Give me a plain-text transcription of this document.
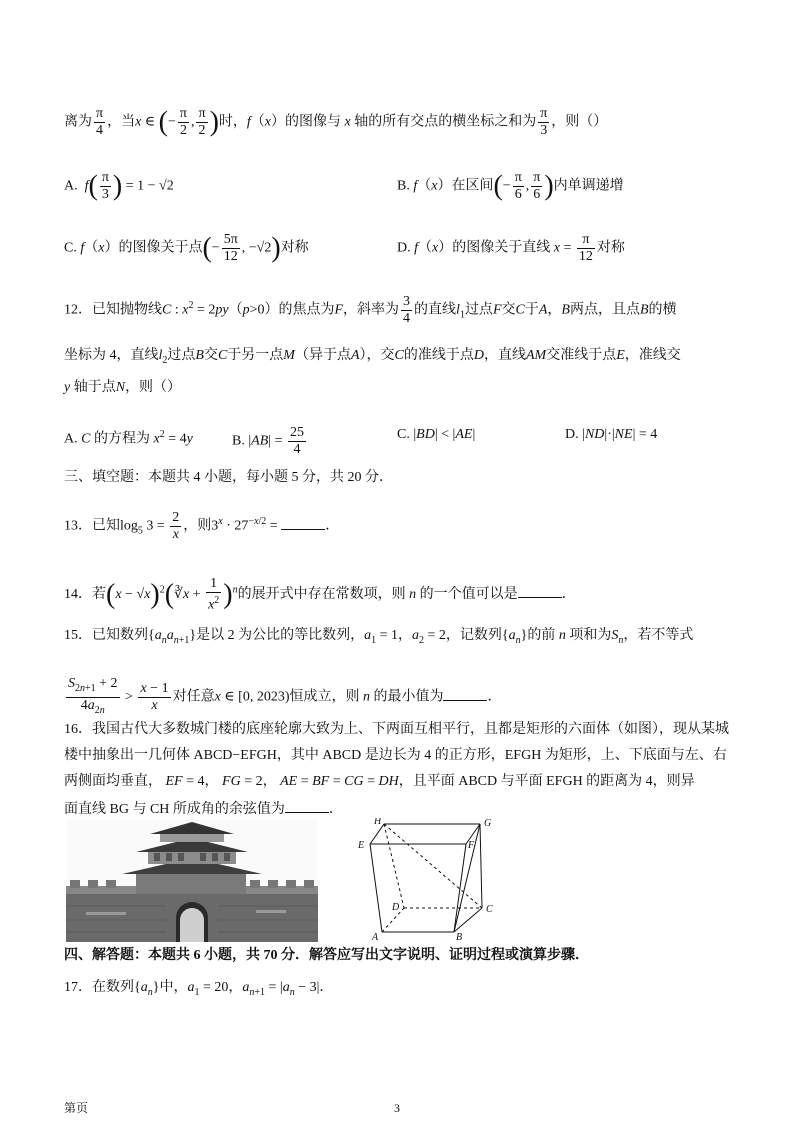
离为 $\frac{\pi}{4}$ ，当x ∈ (− $\frac{\pi}{2}$ , $\frac{\pi}{2}$ )时，f（x）的图像与 x 轴的所有交点的横坐标之和为 $\frac{\pi}{3}$ ，则（）
A. $f( \frac{\pi}{3}$ ) = 1 − √2	B. f（x）在区间(− $\frac{\pi}{6}$ , $\frac{\pi}{6}$ )内单调递增
C. f（x）的图像关于点(− $\frac{5\pi}{12}$ , −√2)对称	D. f（x）的图像关于直线 $x = \frac{\pi}{12}$ 对称
12．已知抛物线C : $x^2 = 2py(p>0)$的焦点为F，斜率为 $\frac{3}{4}$ 的直线$l_1$过点F交C于A，B两点，且点B的横
坐标为 4，直线$l_2$过点B交C于另一点M（异于点A），交C的准线于点D，直线AM交准线于点E，准线交
y 轴于点N，则（）
A. C 的方程为 $x^2 = 4y$	B. $|AB| = \frac{25}{4}$	C. |BD| < |AE|	D. |ND|·|NE| = 4
三、填空题：本题共 4 小题，每小题 5 分，共 20 分．
13．已知$\log_5 3 = \frac{2}{x}$ ，则$3^x \cdot 27^{-x/2}$ =	．
14．若$(x - √x)^2(∛x + \frac{1}{x^2} )^n$的展开式中存在常数项，则 n 的一个值可以是	．
15．已知数列$\{a_na_{n+1}\}$是以 2 为公比的等比数列，$a_1 = 1$，$a_2 = 2$，记数列$\{a_n\}$的前 n 项和为$S_n$，若不等式
$\frac{S_{2n+1} + 2}{4a_{2n}} > \frac{x - 1}{x}$ 对任意x ∈ [0, 2023)恒成立，则 n 的最小值为	．
16．我国古代大多数城门楼的底座轮廓大致为上、下两面互相平行，且都是矩形的六面体（如图），现从某城
楼中抽象出一几何体 ABCD−EFGH，其中 ABCD 是边长为 4 的正方形，EFGH 为矩形，上、下底面与左、右
两侧面均垂直， EF = 4， FG = 2， AE = BF = CG = DH，且平面 ABCD 与平面 EFGH 的距离为 4，则异
面直线 BG 与 CH 所成角的余弦值为	．
H	G
E	F
D	C
A	B
四、解答题：本题共 6 小题，共 70 分．解答应写出文字说明、证明过程或演算步骤．
17．在数列$\{a_n\}$中，$a_1 = 20$，$a_{n+1} = |a_n - 3|$．
第页	3
